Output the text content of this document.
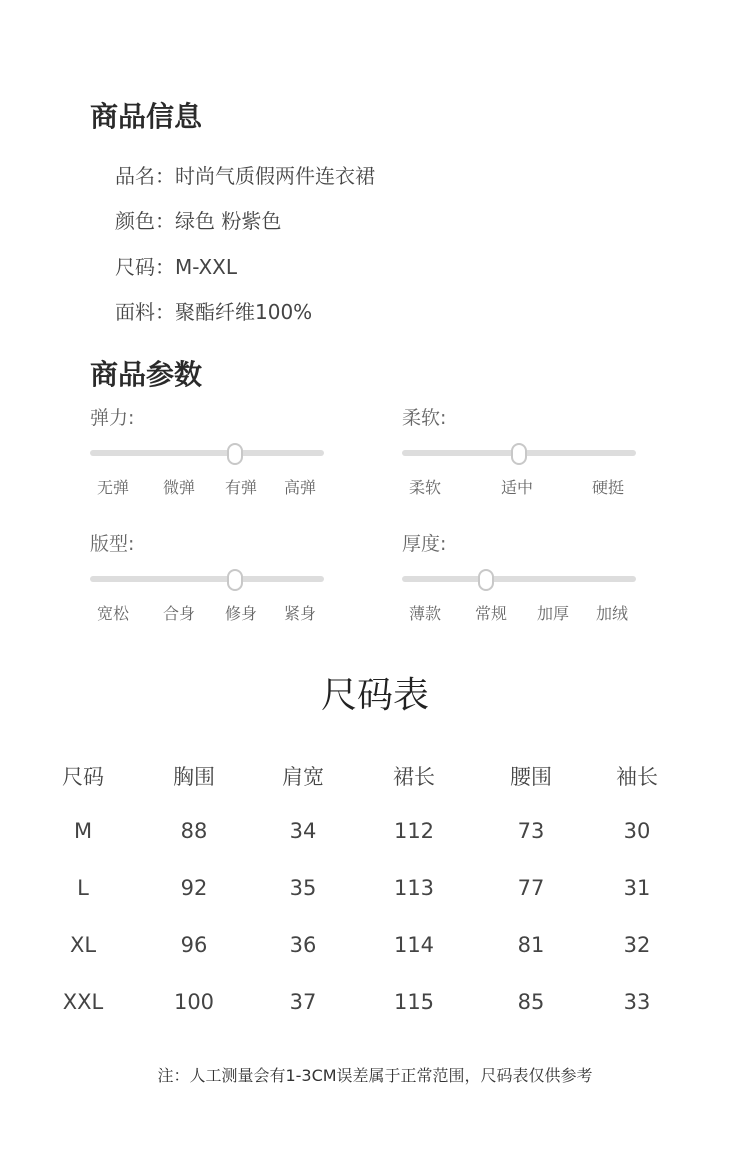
商品信息
品名：时尚气质假两件连衣裙
颜色：绿色 粉紫色
尺码：M-XXL
面料：聚酯纤维100%
商品参数
弹力:
无弹 微弹 有弹 高弹
柔软:
柔软	适中	硬挺
版型:
宽松 合身 修身 紧身
厚度:
薄款 常规 加厚 加绒
尺码表
尺码	胸围	肩宽	裙长	腰围	袖长
M	88	34	112	73	30
L	92	35	113	77	31
XL	96	36	114	81	32
XXL	100	37	115	85	33
注：人工测量会有1-3CM误差属于正常范围，尺码表仅供参考
